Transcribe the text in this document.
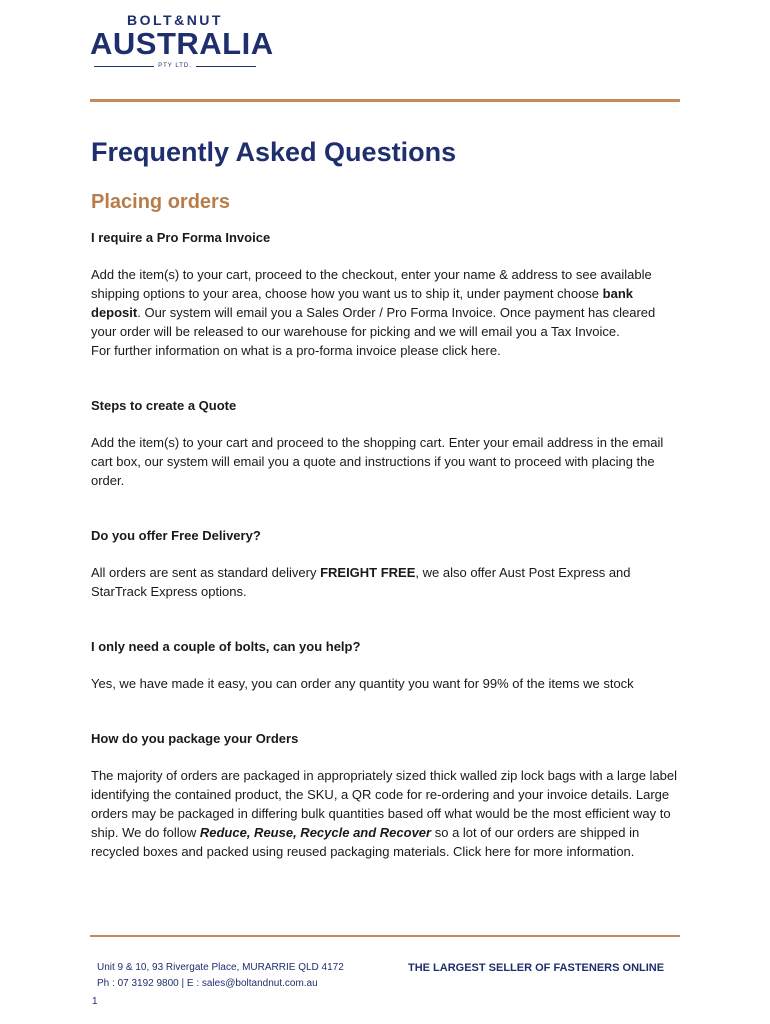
BOLT&NUT
AUSTRALIA
PTY LTD.
Frequently Asked Questions
Placing orders

I require a Pro Forma Invoice

Add the item(s) to your cart, proceed to the checkout, enter your name & address to see available shipping options to your area, choose how you want us to ship it, under payment choose bank deposit. Our system will email you a Sales Order / Pro Forma Invoice. Once payment has cleared your order will be released to our warehouse for picking and we will email you a Tax Invoice.
For further information on what is a pro-forma invoice please click here.

Steps to create a Quote

Add the item(s) to your cart and proceed to the shopping cart. Enter your email address in the email cart box, our system will email you a quote and instructions if you want to proceed with placing the order.

Do you offer Free Delivery?

All orders are sent as standard delivery FREIGHT FREE, we also offer Aust Post Express and StarTrack Express options.

I only need a couple of bolts, can you help?

Yes, we have made it easy, you can order any quantity you want for 99% of the items we stock

How do you package your Orders

The majority of orders are packaged in appropriately sized thick walled zip lock bags with a large label identifying the contained product, the SKU, a QR code for re-ordering and your invoice details. Large orders may be packaged in differing bulk quantities based off what would be the most efficient way to ship. We do follow Reduce, Reuse, Recycle and Recover so a lot of our orders are shipped in recycled boxes and packed using reused packaging materials. Click here for more information.

Unit 9 & 10, 93 Rivergate Place, MURARRIE QLD 4172
Ph : 07 3192 9800 | E : sales@boltandnut.com.au
THE LARGEST SELLER OF FASTENERS ONLINE
1
